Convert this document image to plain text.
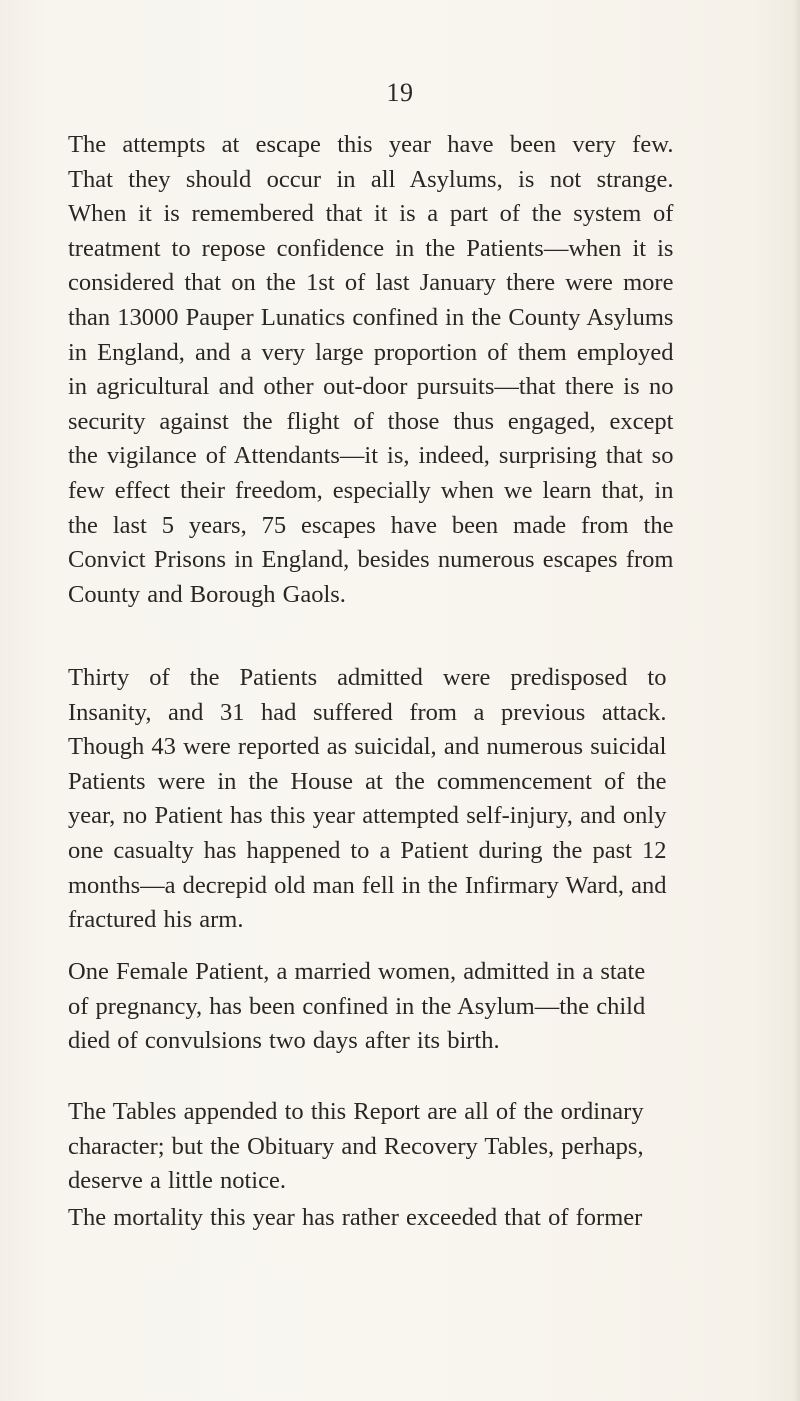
19
The attempts at escape this year have been very few.
That they should occur in all Asylums, is not strange.
When it is remembered that it is a part of the system of
treatment to repose confidence in the Patients—when it is
considered that on the 1st of last January there were more
than 13000 Pauper Lunatics confined in the County Asylums
in England, and a very large proportion of them employed
in agricultural and other out-door pursuits—that there is no
security against the flight of those thus engaged, except
the vigilance of Attendants—it is, indeed, surprising that so
few effect their freedom, especially when we learn that, in
the last 5 years, 75 escapes have been made from the
Convict Prisons in England, besides numerous escapes from
County and Borough Gaols.
Thirty of the Patients admitted were predisposed to
Insanity, and 31 had suffered from a previous attack.
Though 43 were reported as suicidal, and numerous suicidal
Patients were in the House at the commencement of the
year, no Patient has this year attempted self-injury, and only
one casualty has happened to a Patient during the past 12
months—a decrepid old man fell in the Infirmary Ward, and
fractured his arm.
One Female Patient, a married women, admitted in a state
of pregnancy, has been confined in the Asylum—the child
died of convulsions two days after its birth.
The Tables appended to this Report are all of the ordinary
character; but the Obituary and Recovery Tables, perhaps,
deserve a little notice.
The mortality this year has rather exceeded that of former
